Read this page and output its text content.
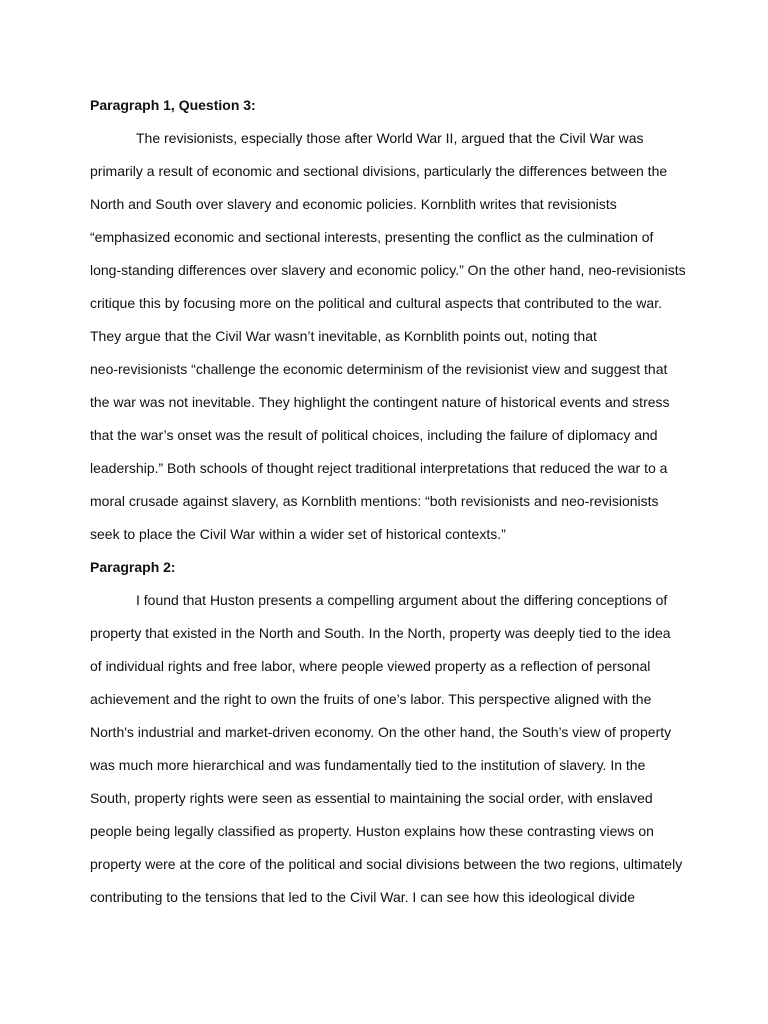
Paragraph 1, Question 3:

The revisionists, especially those after World War II, argued that the Civil War was

primarily a result of economic and sectional divisions, particularly the differences between the

North and South over slavery and economic policies. Kornblith writes that revisionists

“emphasized economic and sectional interests, presenting the conflict as the culmination of

long-standing differences over slavery and economic policy.” On the other hand, neo-revisionists

critique this by focusing more on the political and cultural aspects that contributed to the war.

They argue that the Civil War wasn’t inevitable, as Kornblith points out, noting that

neo-revisionists “challenge the economic determinism of the revisionist view and suggest that

the war was not inevitable. They highlight the contingent nature of historical events and stress

that the war’s onset was the result of political choices, including the failure of diplomacy and

leadership.” Both schools of thought reject traditional interpretations that reduced the war to a

moral crusade against slavery, as Kornblith mentions: “both revisionists and neo-revisionists

seek to place the Civil War within a wider set of historical contexts.”

Paragraph 2:

I found that Huston presents a compelling argument about the differing conceptions of

property that existed in the North and South. In the North, property was deeply tied to the idea

of individual rights and free labor, where people viewed property as a reflection of personal

achievement and the right to own the fruits of one’s labor. This perspective aligned with the

North's industrial and market-driven economy. On the other hand, the South’s view of property

was much more hierarchical and was fundamentally tied to the institution of slavery. In the

South, property rights were seen as essential to maintaining the social order, with enslaved

people being legally classified as property. Huston explains how these contrasting views on

property were at the core of the political and social divisions between the two regions, ultimately

contributing to the tensions that led to the Civil War. I can see how this ideological divide
